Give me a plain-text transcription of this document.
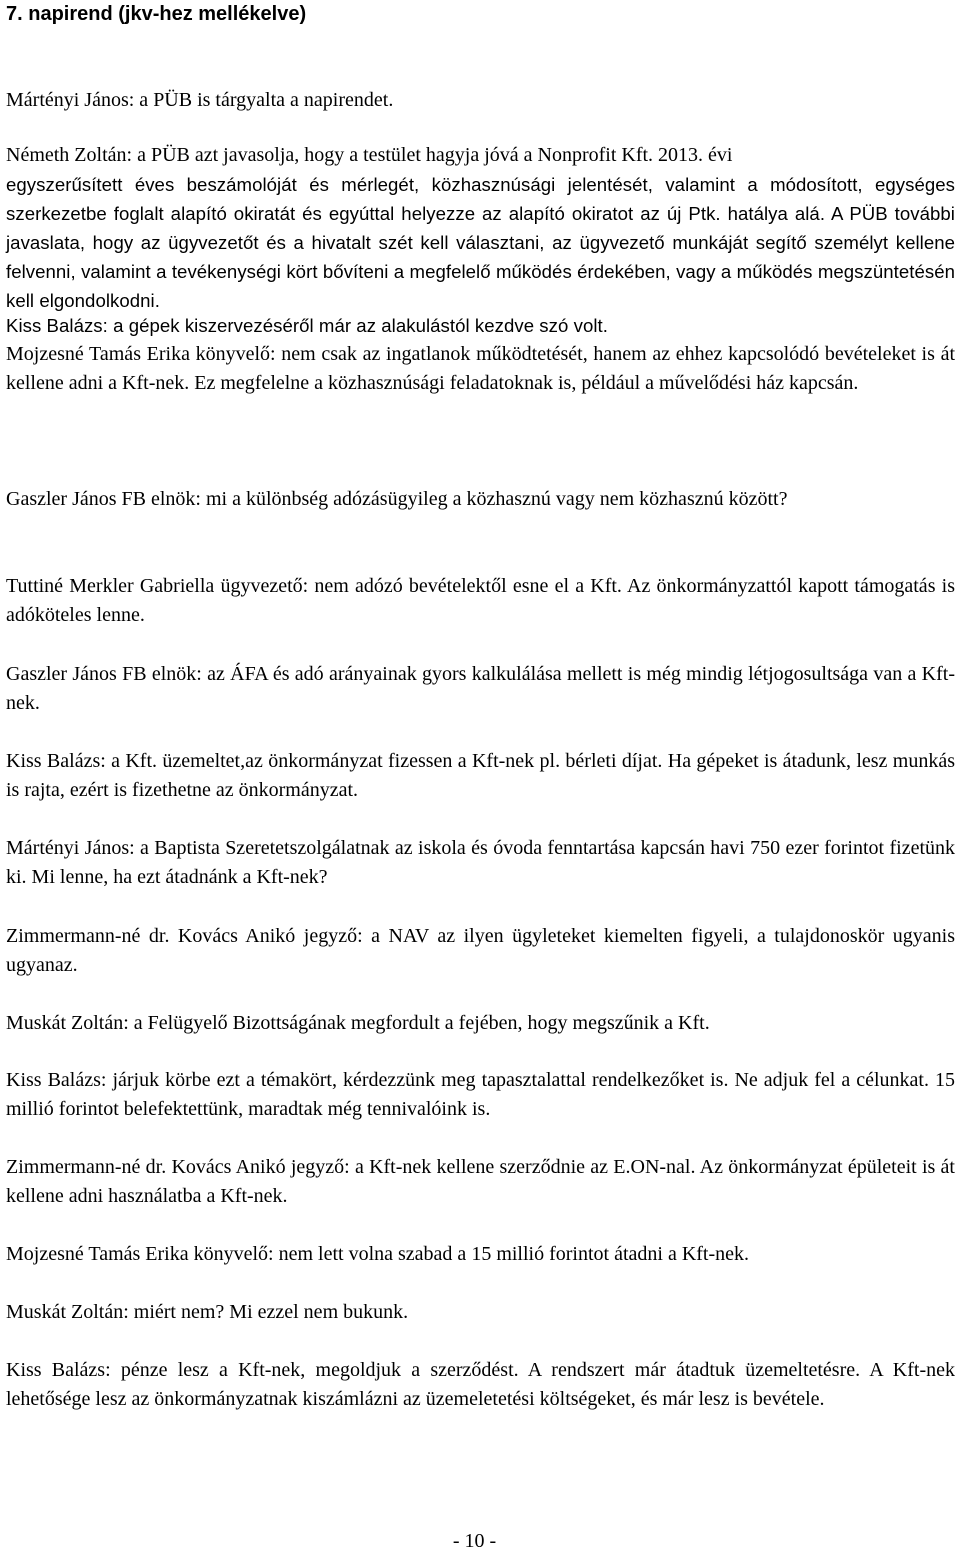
7. napirend (jkv-hez mellékelve)

Mártényi János: a PÜB is tárgyalta a napirendet.

Németh Zoltán: a PÜB azt javasolja, hogy a testület hagyja jóvá a Nonprofit Kft. 2013. évi

egyszerűsített éves beszámolóját és mérlegét, közhasznúsági jelentését, valamint a módosított, egységes szerkezetbe foglalt alapító okiratát és egyúttal helyezze az alapító okiratot az új Ptk. hatálya alá. A PÜB további javaslata, hogy az ügyvezetőt és a hivatalt szét kell választani, az ügyvezető munkáját segítő személyt kellene felvenni, valamint a tevékenységi kört bővíteni a megfelelő működés érdekében, vagy a működés megszüntetésén kell elgondolkodni.

Kiss Balázs: a gépek kiszervezéséről már az alakulástól kezdve szó volt.

Mojzesné Tamás Erika könyvelő: nem csak az ingatlanok működtetését, hanem az ehhez kapcsolódó bevételeket is át kellene adni a Kft-nek. Ez megfelelne a közhasznúsági feladatoknak is, például a művelődési ház kapcsán.

Gaszler János FB elnök: mi a különbség adózásügyileg a közhasznú vagy nem közhasznú között?

Tuttiné Merkler Gabriella ügyvezető: nem adózó bevételektől esne el a Kft. Az önkormányzattól kapott támogatás is adóköteles lenne.

Gaszler János FB elnök: az ÁFA és adó arányainak gyors kalkulálása mellett is még mindig létjogosultsága van a Kft-nek.

Kiss Balázs: a Kft. üzemeltet,az önkormányzat fizessen a Kft-nek pl. bérleti díjat. Ha gépeket is átadunk, lesz munkás is rajta, ezért is fizethetne az önkormányzat.

Mártényi János: a Baptista Szeretetszolgálatnak az iskola és óvoda fenntartása kapcsán havi 750 ezer forintot fizetünk ki. Mi lenne, ha ezt átadnánk a Kft-nek?

Zimmermann-né dr. Kovács Anikó jegyző: a NAV az ilyen ügyleteket kiemelten figyeli, a tulajdonoskör ugyanis ugyanaz.

Muskát Zoltán: a Felügyelő Bizottságának megfordult a fejében, hogy megszűnik a Kft.

Kiss Balázs: járjuk körbe ezt a témakört, kérdezzünk meg tapasztalattal rendelkezőket is. Ne adjuk fel a célunkat. 15 millió forintot belefektettünk, maradtak még tennivalóink is.

Zimmermann-né dr. Kovács Anikó jegyző: a Kft-nek kellene szerződnie az E.ON-nal. Az önkormányzat épületeit is át kellene adni használatba a Kft-nek.

Mojzesné Tamás Erika könyvelő: nem lett volna szabad a 15 millió forintot átadni a Kft-nek.

Muskát Zoltán: miért nem? Mi ezzel nem bukunk.

Kiss Balázs: pénze lesz a Kft-nek, megoldjuk a szerződést. A rendszert már átadtuk üzemeltetésre. A Kft-nek lehetősége lesz az önkormányzatnak kiszámlázni az üzemeletetési költségeket, és már lesz is bevétele.

- 10 -
